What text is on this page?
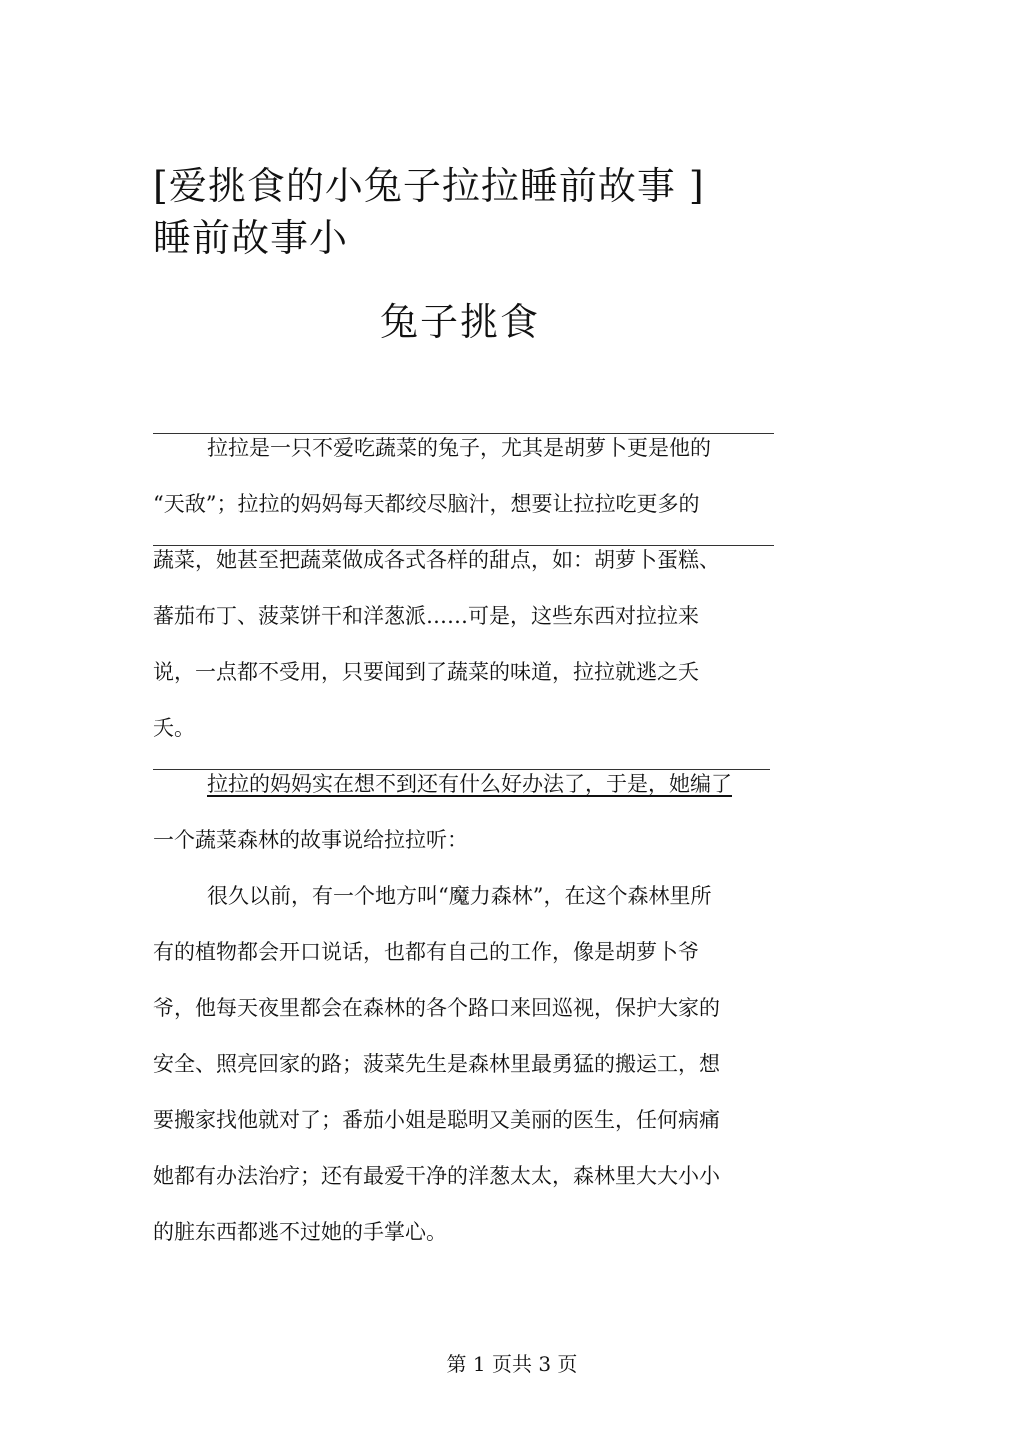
[爱挑食的小兔子拉拉睡前故事 ]
睡前故事小
兔子挑食
拉拉是一只不爱吃蔬菜的兔子，尤其是胡萝卜更是他的
“天敌”；拉拉的妈妈每天都绞尽脑汁，想要让拉拉吃更多的
蔬菜，她甚至把蔬菜做成各式各样的甜点，如：胡萝卜蛋糕、
蕃茄布丁、菠菜饼干和洋葱派……可是，这些东西对拉拉来
说，一点都不受用，只要闻到了蔬菜的味道，拉拉就逃之夭
夭。
拉拉的妈妈实在想不到还有什么好办法了，于是，她编了
一个蔬菜森林的故事说给拉拉听：
很久以前，有一个地方叫“魔力森林”，在这个森林里所
有的植物都会开口说话，也都有自己的工作，像是胡萝卜爷
爷，他每天夜里都会在森林的各个路口来回巡视，保护大家的
安全、照亮回家的路；菠菜先生是森林里最勇猛的搬运工，想
要搬家找他就对了；番茄小姐是聪明又美丽的医生，任何病痛
她都有办法治疗；还有最爱干净的洋葱太太，森林里大大小小
的脏东西都逃不过她的手掌心。
第 1 页共 3 页
